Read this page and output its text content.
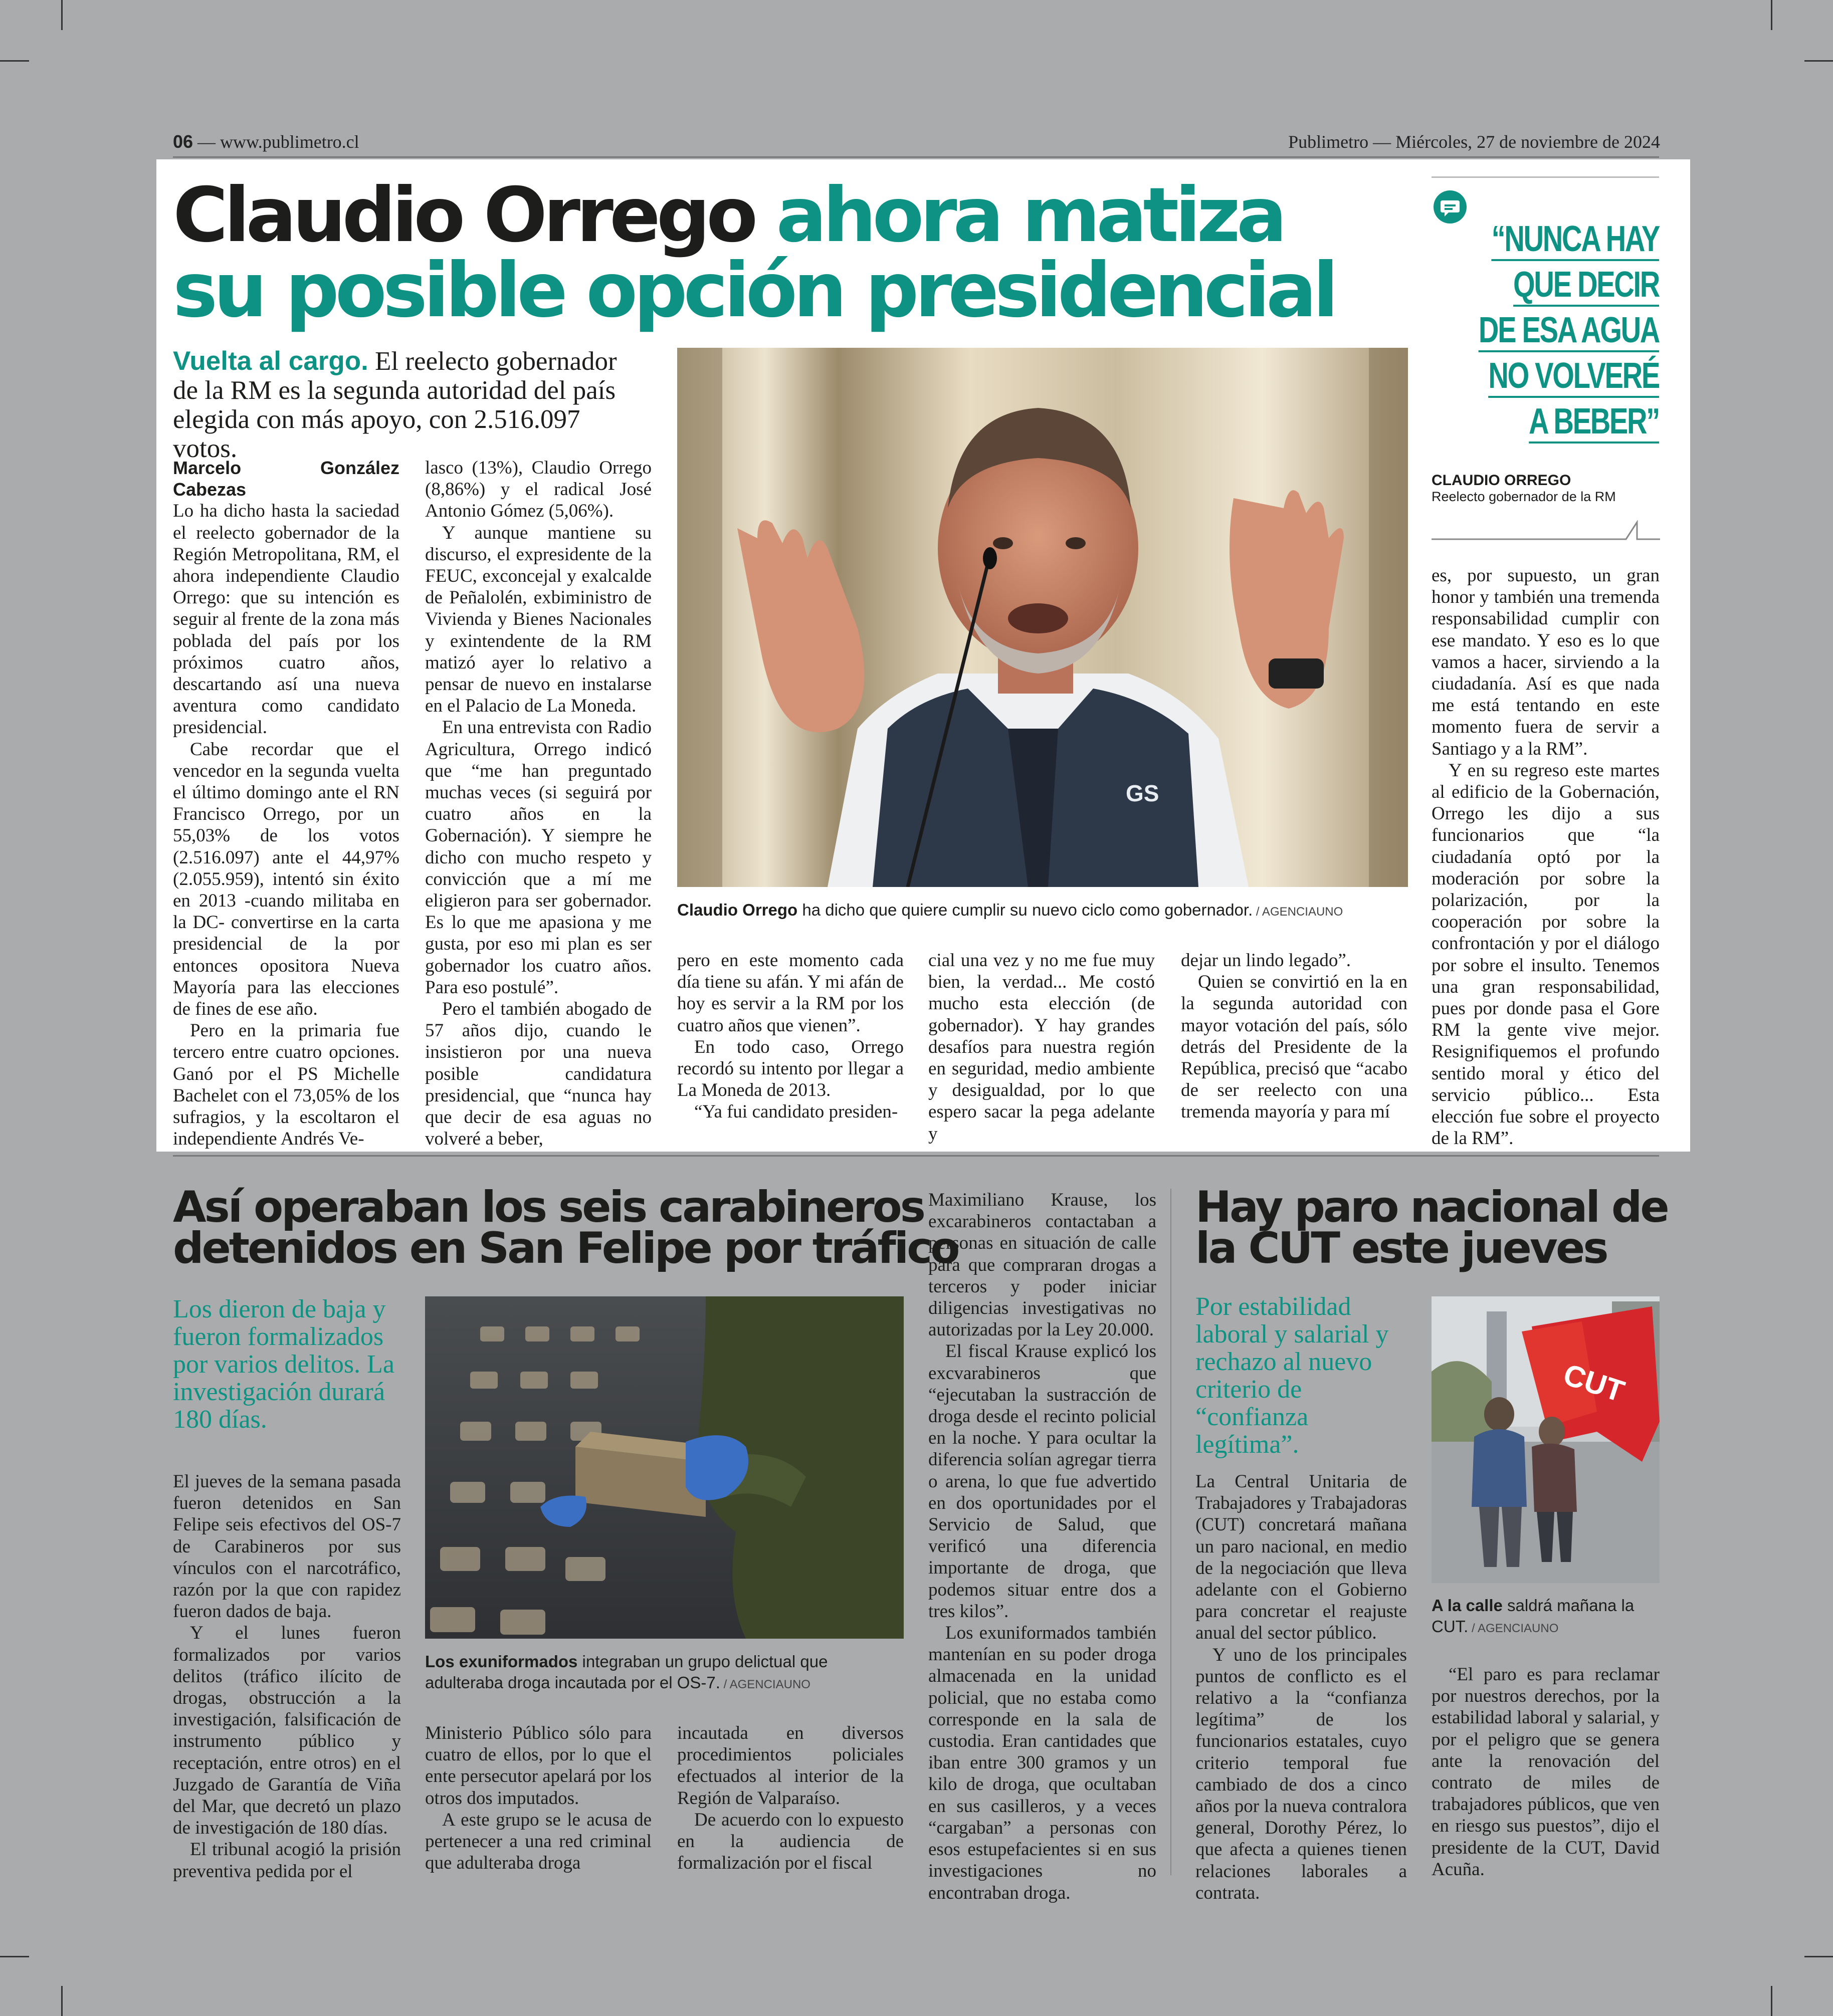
06 — www.publimetro.cl	Publimetro — Miércoles, 27 de noviembre de 2024
Claudio Orrego ahora matiza
su posible opción presidencial
Vuelta al cargo. El reelecto gobernador de la RM es la segunda autoridad del país elegida con más apoyo, con 2.516.097 votos.
GS
Claudio Orrego ha dicho que quiere cumplir su nuevo ciclo como gobernador. / AGENCIAUNO
Marcelo González Cabezas

Lo ha dicho hasta la saciedad el reelecto gobernador de la Región Metropolitana, RM, el ahora independiente Claudio Orrego: que su intención es seguir al frente de la zona más poblada del país por los próximos cuatro años, descartando así una nueva aventura como candidato presidencial.

Cabe recordar que el vencedor en la segunda vuelta el último domingo ante el RN Francisco Orrego, por un 55,03% de los votos (2.516.097) ante el 44,97% (2.055.959), intentó sin éxito en 2013 -cuando militaba en la DC- convertirse en la carta presidencial de la por entonces opositora Nueva Mayoría para las elecciones de fines de ese año.

Pero en la primaria fue tercero entre cuatro opciones. Ganó por el PS Michelle Bachelet con el 73,05% de los sufragios, y la escoltaron el independiente Andrés Ve-

lasco (13%), Claudio Orrego (8,86%) y el radical José Antonio Gómez (5,06%).

Y aunque mantiene su discurso, el expresidente de la FEUC, exconcejal y exalcalde de Peñalolén, exbiministro de Vivienda y Bienes Nacionales y exintendente de la RM matizó ayer lo relativo a pensar de nuevo en instalarse en el Palacio de La Moneda.

En una entrevista con Radio Agricultura, Orrego indicó que “me han preguntado muchas veces (si seguirá por cuatro años en la Gobernación). Y siempre he dicho con mucho respeto y convicción que a mí me eligieron para ser gobernador. Es lo que me apasiona y me gusta, por eso mi plan es ser gobernador los cuatro años. Para eso postulé”.

Pero el también abogado de 57 años dijo, cuando le insistieron por una nueva posible candidatura presidencial, que “nunca hay que decir de esa aguas no volveré a beber,

pero en este momento cada día tiene su afán. Y mi afán de hoy es servir a la RM por los cuatro años que vienen”.

En todo caso, Orrego recordó su intento por llegar a La Moneda de 2013.

“Ya fui candidato presiden-

cial una vez y no me fue muy bien, la verdad... Me costó mucho esta elección (de gobernador). Y hay grandes desafíos para nuestra región en seguridad, medio ambiente y desigualdad, por lo que espero sacar la pega adelante y

dejar un lindo legado”.

Quien se convirtió en la en la segunda autoridad con mayor votación del país, sólo detrás del Presidente de la República, precisó que “acabo de ser reelecto con una tremenda mayoría y para mí

“NUNCA HAY
QUE DECIR
DE ESA AGUA
NO VOLVERÉ
A BEBER”
CLAUDIO ORREGO
Reelecto gobernador de la RM

es, por supuesto, un gran honor y también una tremenda responsabilidad cumplir con ese mandato. Y eso es lo que vamos a hacer, sirviendo a la ciudadanía. Así es que nada me está tentando en este momento fuera de servir a Santiago y a la RM”.

Y en su regreso este martes al edificio de la Gobernación, Orrego les dijo a sus funcionarios que “la ciudadanía optó por la moderación por sobre la polarización, por la cooperación por sobre la confrontación y por el diálogo por sobre el insulto. Tenemos una gran responsabilidad, pues por donde pasa el Gore RM la gente vive mejor. Resignifiquemos el profundo sentido moral y ético del servicio público... Esta elección fue sobre el proyecto de la RM”.

Así operaban los seis carabineros
detenidos en San Felipe por tráfico
Los dieron de baja y fueron formalizados por varios delitos. La investigación durará 180 días.
Los exuniformados integraban un grupo delictual que adulteraba droga incautada por el OS-7. / AGENCIAUNO

El jueves de la semana pasada fueron detenidos en San Felipe seis efectivos del OS-7 de Carabineros por sus vínculos con el narcotráfico, razón por la que con rapidez fueron dados de baja.

Y el lunes fueron formalizados por varios delitos (tráfico ilícito de drogas, obstrucción a la investigación, falsificación de instrumento público y receptación, entre otros) en el Juzgado de Garantía de Viña del Mar, que decretó un plazo de investigación de 180 días.

El tribunal acogió la prisión preventiva pedida por el

Ministerio Público sólo para cuatro de ellos, por lo que el ente persecutor apelará por los otros dos imputados.

A este grupo se le acusa de pertenecer a una red criminal que adulteraba droga

incautada en diversos procedimientos policiales efectuados al interior de la Región de Valparaíso.

De acuerdo con lo expuesto en la audiencia de formalización por el fiscal

Maximiliano Krause, los excarabineros contactaban a personas en situación de calle para que compraran drogas a terceros y poder iniciar diligencias investigativas no autorizadas por la Ley 20.000.

El fiscal Krause explicó los excvarabineros que “ejecutaban la sustracción de droga desde el recinto policial en la noche. Y para ocultar la diferencia solían agregar tierra o arena, lo que fue advertido en dos oportunidades por el Servicio de Salud, que verificó una diferencia importante de droga, que podemos situar entre dos a tres kilos”.

Los exuniformados también mantenían en su poder droga almacenada en la unidad policial, que no estaba como corresponde en la sala de custodia. Eran cantidades que iban entre 300 gramos y un kilo de droga, que ocultaban en sus casilleros, y a veces “cargaban” a personas con esos estupefacientes si en sus investigaciones no encontraban droga.

Hay paro nacional de
la CUT este jueves
Por estabilidad laboral y salarial y rechazo al nuevo criterio de “confianza legítima”.
CUT
A la calle saldrá mañana la CUT. / AGENCIAUNO

La Central Unitaria de Trabajadores y Trabajadoras (CUT) concretará mañana un paro nacional, en medio de la negociación que lleva adelante con el Gobierno para concretar el reajuste anual del sector público.

Y uno de los principales puntos de conflicto es el relativo a la “confianza legítima” de los funcionarios estatales, cuyo criterio temporal fue cambiado de dos a cinco años por la nueva contralora general, Dorothy Pérez, lo que afecta a quienes tienen relaciones laborales a contrata.

“El paro es para reclamar por nuestros derechos, por la estabilidad laboral y salarial, y por el peligro que se genera ante la renovación del contrato de miles de trabajadores públicos, que ven en riesgo sus puestos”, dijo el presidente de la CUT, David Acuña.
